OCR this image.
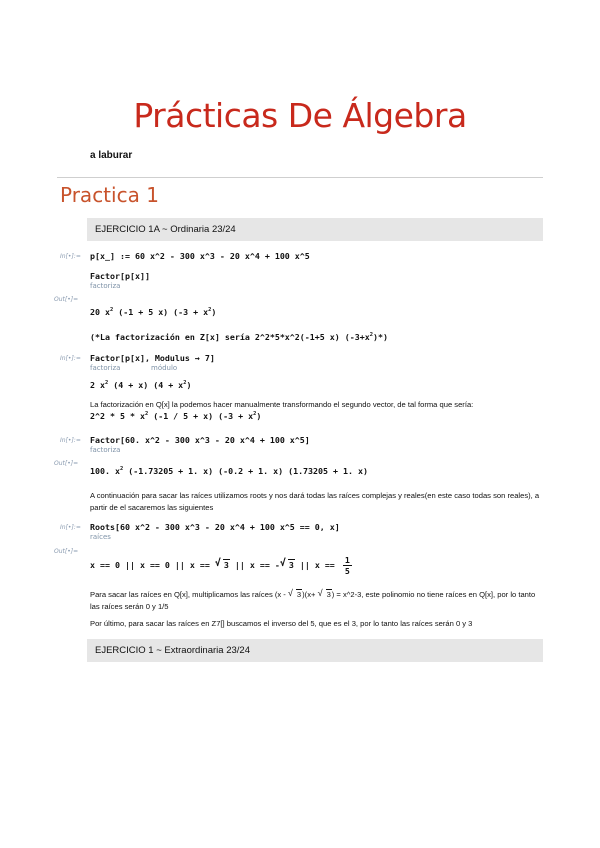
Prácticas De Álgebra
a laburar
Practica 1
EJERCICIO 1A ~ Ordinaria 23/24
In[•]:= p[x_] := 60 x^2 - 300 x^3 - 20 x^4 + 100 x^5
Factor[p[x]]
factoriza
Out[•]=
20 $x^2$ (-1 + 5 x) $(-3 + x^2)$
(*La factorización en Z[x] sería 2^2*5*x^2(-1+5 x) $(-3+x^2)*$)
In[•]:= Factor[p[x], Modulus → 7]
factoriza	módulo
2 $x^2$ (4 + x) $(4 + x^2)$
La factorización en Q[x] la podemos hacer manualmente transformando el segundo vector, de tal forma que sería:
2^2 * $5 * x^2$ (-1 / 5 + x) $(-3 + x^2)$
In[•]:= Factor[60. x^2 - 300 x^3 - 20 x^4 + 100 x^5]
factoriza
Out[•]=
100. $x^2$ (-1.73205 + 1. x) (-0.2 + 1. x) (1.73205 + 1. x)
A continuación para sacar las raíces utilizamos roots y nos dará todas las raíces complejas y reales(en este caso todas son reales), a partir de el sacaremos las siguientes
In[•]:= Roots[60 x^2 - 300 x^3 - 20 x^4 + 100 x^5 == 0, x]
raíces
Out[•]=
x == 0 || x == 0 || x == √ 3 || x == - √ 3 || $x == \frac{1}{5}$
Para sacar las raíces en Q[x], multiplicamos las raíces (x - √ 3)(x+ √ 3) = x^2-3, este polinomio no tiene raíces en Q[x], por lo tanto las raíces serán 0 y 1/5
Por último, para sacar las raíces en Z7[] buscamos el inverso del 5, que es el 3, por lo tanto las raíces serán 0 y 3
EJERCICIO 1 ~ Extraordinaria 23/24
